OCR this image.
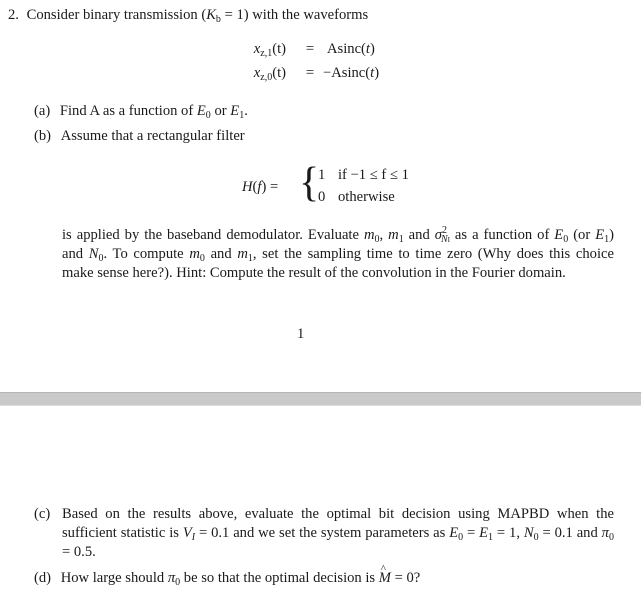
2. Consider binary transmission $(K_b = 1)$ with the waveforms
$x_{z,1}(t)$	= Asinc(t)
$x_{z,0}(t)$	= −Asinc(t)
(a) Find A as a function of $E_0$ or $E_1$.
(b) Assume that a rectangular filter
H(f) = {
1 if −1 ≤ f ≤ 1
0 otherwise
is applied by the baseband demodulator. Evaluate $m_0$, $m_1$ and $\sigma^2_{NI}$ as a function of $E_0$ (or $E_1$) and $N_0$. To compute $m_0$ and $m_1$, set the sampling time to time zero (Why does this choice make sense here?). Hint: Compute the result of the convolution in the Fourier domain.
1
(c) Based on the results above, evaluate the optimal bit decision using MAPBD when the sufficient statistic is $V_I = 0.1$ and we set the system parameters as $E_0 = E_1 = 1$, $N_0 = 0.1$ and $\pi_0 = 0.5$.
(d) How large should $\pi_0$ be so that the optimal decision is ^ M = 0?
